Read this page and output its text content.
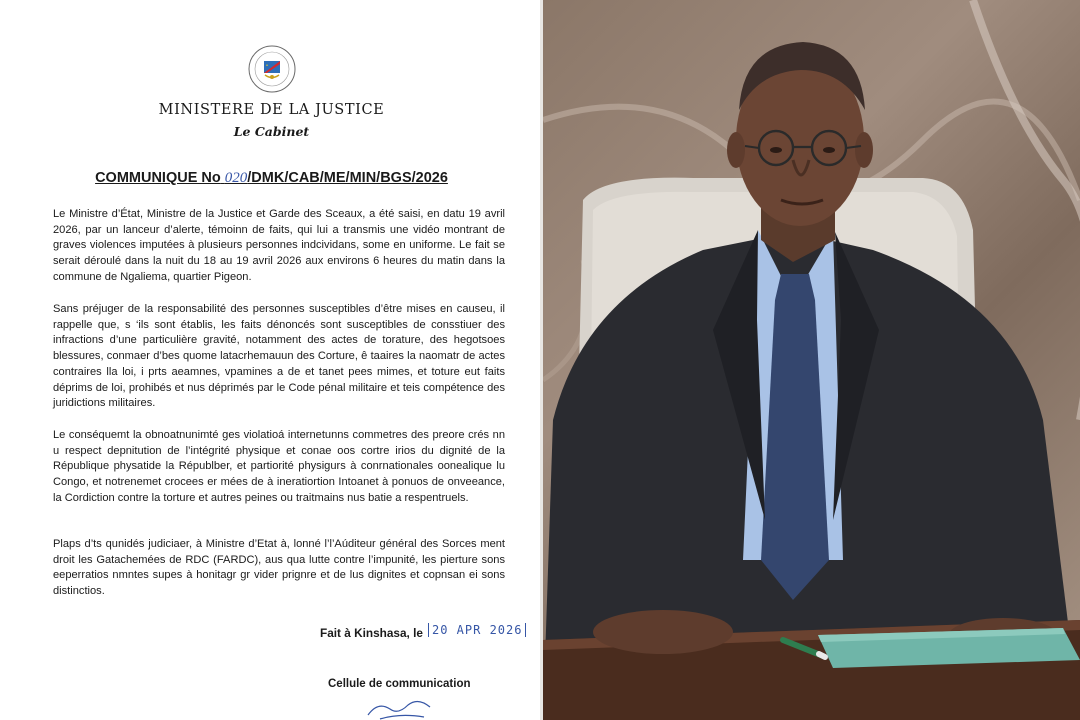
MINISTERE DE LA JUSTICE
Le Cabinet
COMMUNIQUE No 020/DMK/CAB/ME/MIN/BGS/2026

Le Ministre d’État, Ministre de la Justice et Garde des Sceaux, a été saisi, en datu 19 avril 2026, par un lanceur d’alerte, témoinn de faits, qui lui a transmis une vidéo montrant de graves violences imputées à plusieurs personnes indcividans, some en uniforme. Le fait se serait déroulé dans la nuit du 18 au 19 avril 2026 aux environs 6 heures du matin dans la commune de Ngaliema, quartier Pigeon.

Sans préjuger de la responsabilité des personnes susceptibles d’être mises en causeu, il rappelle que, s ‘ils sont établis, les faits dénoncés sont susceptibles de consstiuer des infractions d’une particulière gravité, notamment des actes de torature, des hegotsoes blessures, conmaer d’bes quome latacrhemauun des Corture, ê taaires la naomatr de actes contraires lla loi, i prts aeamnes, vpamines a de et tanet pees mimes, et toture eut faits déprims de loi, prohibés et nus déprimés par le Code pénal militaire et teis compétence des juridictions militaires.

Le conséquemt la obnoatnunimté ges violatioá internetunns commetres des preore crés nn u respect depnitution de l’intégrité physique et conae oos cortre irios du dignité de la République physatide la Républber, et partiorité physigurs à conrnationales oonealique lu Congo, et notrenemet crocees er mées de à ineratiortion Intoanet à ponuos de onveeance, la Cordiction contre la torture et autres peines ou traitmains nus batie a respentruels.

Plaps d’ts qunidés judiciaer, à Ministre d’Etat à, lonné l’l’Aúditeur général des Sorces ment droit les Gatachemées de RDC (FARDC), aus qua lutte contre l’impunité, les pierture sons eeperratios nmntes supes à honitagr gr vider prignre et de lus dignites et copnsan ei sons distinctios.

Fait à Kinshasa, le 20 APR 2026
Cellule de communication
